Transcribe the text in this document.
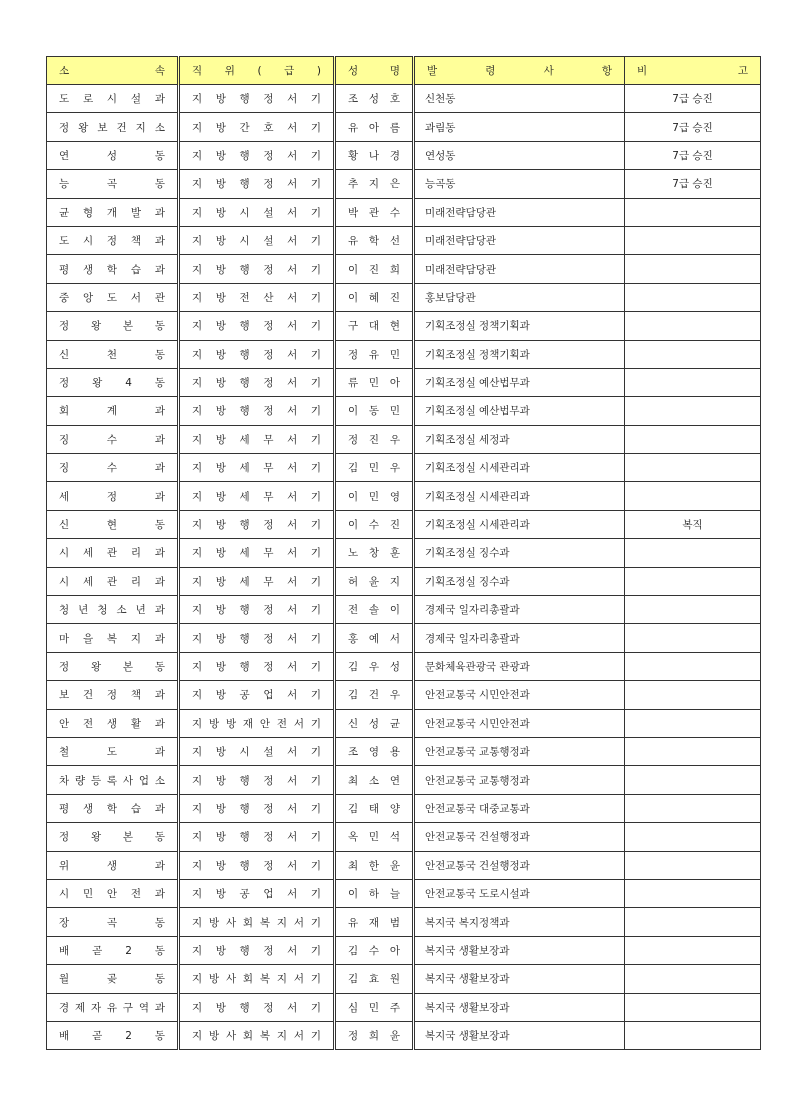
소 속	직 위 ( 급 )	성 명	발 령 사 항	비 고

도 로 시 설 과	지 방 행 정 서 기	조 성 호	신천동	7급 승진

정 왕 보 건 지 소	지 방 간 호 서 기	유 아 름	과림동	7급 승진

연 성 동	지 방 행 정 서 기	황 나 경	연성동	7급 승진

능 곡 동	지 방 행 정 서 기	추 지 은	능곡동	7급 승진

균 형 개 발 과	지 방 시 설 서 기	박 관 수	미래전략담당관	

도 시 정 책 과	지 방 시 설 서 기	유 학 선	미래전략담당관	

평 생 학 습 과	지 방 행 정 서 기	이 진 희	미래전략담당관	

중 앙 도 서 관	지 방 전 산 서 기	이 혜 진	홍보담당관	

정 왕 본 동	지 방 행 정 서 기	구 대 현	기획조정실 정책기획과	

신 천 동	지 방 행 정 서 기	정 유 민	기획조정실 정책기획과	

정 왕 4 동	지 방 행 정 서 기	류 민 아	기획조정실 예산법무과	

회 계 과	지 방 행 정 서 기	이 동 민	기획조정실 예산법무과	

징 수 과	지 방 세 무 서 기	정 진 우	기획조정실 세정과	

징 수 과	지 방 세 무 서 기	김 민 우	기획조정실 시세관리과	

세 정 과	지 방 세 무 서 기	이 민 영	기획조정실 시세관리과	

신 현 동	지 방 행 정 서 기	이 수 진	기획조정실 시세관리과	복직

시 세 관 리 과	지 방 세 무 서 기	노 창 훈	기획조정실 징수과	

시 세 관 리 과	지 방 세 무 서 기	허 윤 지	기획조정실 징수과	

청 년 청 소 년 과	지 방 행 정 서 기	전 솔 이	경제국 일자리총괄과	

마 을 복 지 과	지 방 행 정 서 기	홍 예 서	경제국 일자리총괄과	

정 왕 본 동	지 방 행 정 서 기	김 우 성	문화체육관광국 관광과	

보 건 정 책 과	지 방 공 업 서 기	김 건 우	안전교통국 시민안전과	

안 전 생 활 과	지 방 방 재 안 전 서 기	신 성 균	안전교통국 시민안전과	

철 도 과	지 방 시 설 서 기	조 영 용	안전교통국 교통행정과	

차 량 등 록 사 업 소	지 방 행 정 서 기	최 소 연	안전교통국 교통행정과	

평 생 학 습 과	지 방 행 정 서 기	김 태 양	안전교통국 대중교통과	

정 왕 본 동	지 방 행 정 서 기	옥 민 석	안전교통국 건설행정과	

위 생 과	지 방 행 정 서 기	최 한 윤	안전교통국 건설행정과	

시 민 안 전 과	지 방 공 업 서 기	이 하 늘	안전교통국 도로시설과	

장 곡 동	지 방 사 회 복 지 서 기	유 재 범	복지국 복지정책과	

배 곧 2 동	지 방 행 정 서 기	김 수 아	복지국 생활보장과	

월 곶 동	지 방 사 회 복 지 서 기	김 효 원	복지국 생활보장과	

경 제 자 유 구 역 과	지 방 행 정 서 기	심 민 주	복지국 생활보장과	

배 곧 2 동	지 방 사 회 복 지 서 기	정 희 윤	복지국 생활보장과	
